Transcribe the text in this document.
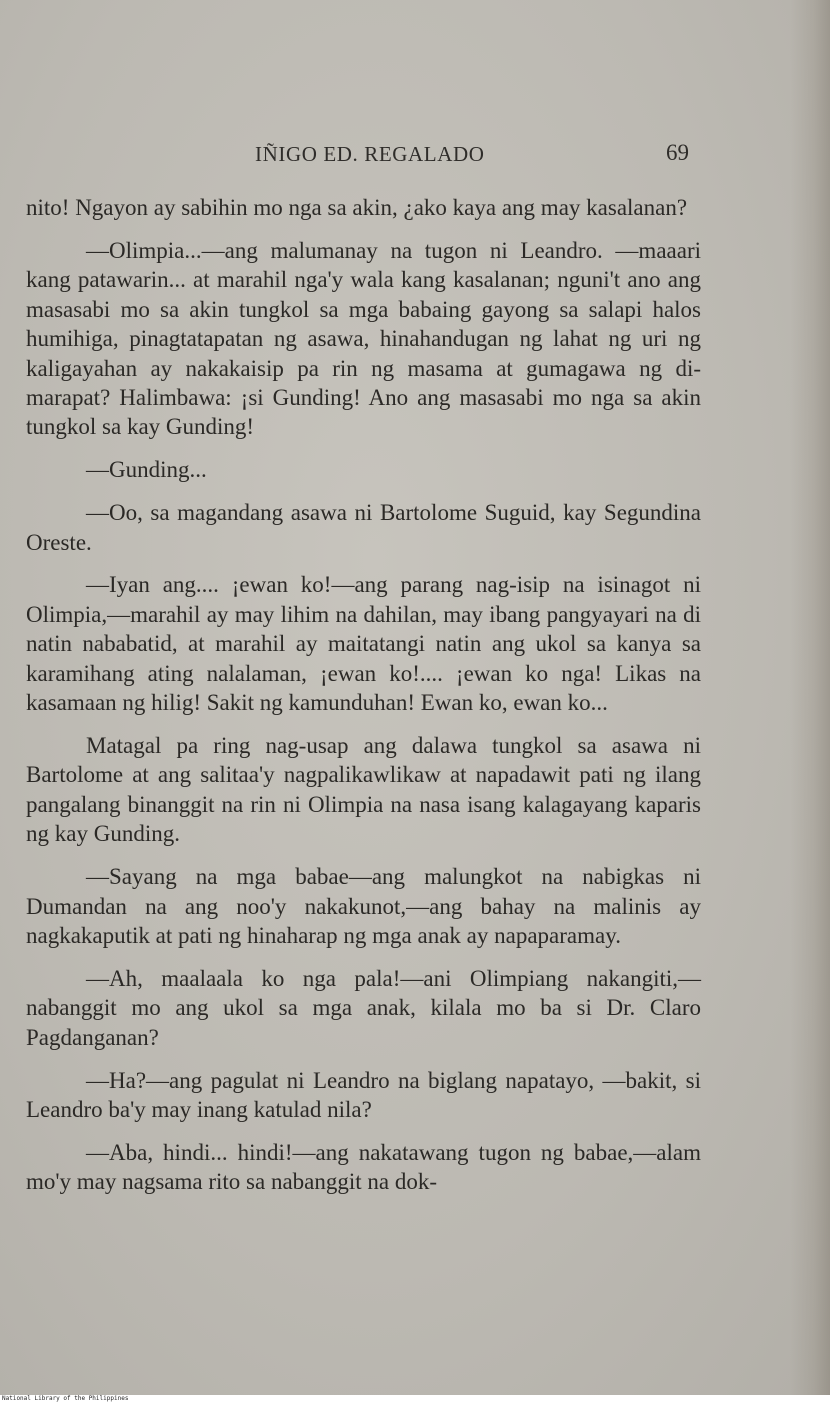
IÑIGO ED. REGALADO	69

nito! Ngayon ay sabihin mo nga sa akin, ¿ako kaya ang may kasalanan?

—Olimpia...—ang malumanay na tugon ni Leandro. —maaari kang patawarin... at marahil nga'y wala kang kasalanan; nguni't ano ang masasabi mo sa akin tungkol sa mga babaing gayong sa salapi halos humihiga, pinagtatapatan ng asawa, hinahandugan ng lahat ng uri ng kaligayahan ay nakakaisip pa rin ng masama at gumagawa ng di-marapat? Halimbawa: ¡si Gunding! Ano ang masasabi mo nga sa akin tungkol sa kay Gunding!

—Gunding...

—Oo, sa magandang asawa ni Bartolome Suguid, kay Segundina Oreste.

—Iyan ang.... ¡ewan ko!—ang parang nag-isip na isinagot ni Olimpia,—marahil ay may lihim na dahilan, may ibang pangyayari na di natin nababatid, at marahil ay maitatangi natin ang ukol sa kanya sa karamihang ating nalalaman, ¡ewan ko!.... ¡ewan ko nga! Likas na kasamaan ng hilig! Sakit ng kamunduhan! Ewan ko, ewan ko...

Matagal pa ring nag-usap ang dalawa tungkol sa asawa ni Bartolome at ang salitaa'y nagpalikawlikaw at napadawit pati ng ilang pangalang binanggit na rin ni Olimpia na nasa isang kalagayang kaparis ng kay Gunding.

—Sayang na mga babae—ang malungkot na nabigkas ni Dumandan na ang noo'y nakakunot,—ang bahay na malinis ay nagkakaputik at pati ng hinaharap ng mga anak ay napaparamay.

—Ah, maalaala ko nga pala!—ani Olimpiang nakangiti,—nabanggit mo ang ukol sa mga anak, kilala mo ba si Dr. Claro Pagdanganan?

—Ha?—ang pagulat ni Leandro na biglang napatayo, —bakit, si Leandro ba'y may inang katulad nila?

—Aba, hindi... hindi!—ang nakatawang tugon ng babae,—alam mo'y may nagsama rito sa nabanggit na dok-

National Library of the Philippines
